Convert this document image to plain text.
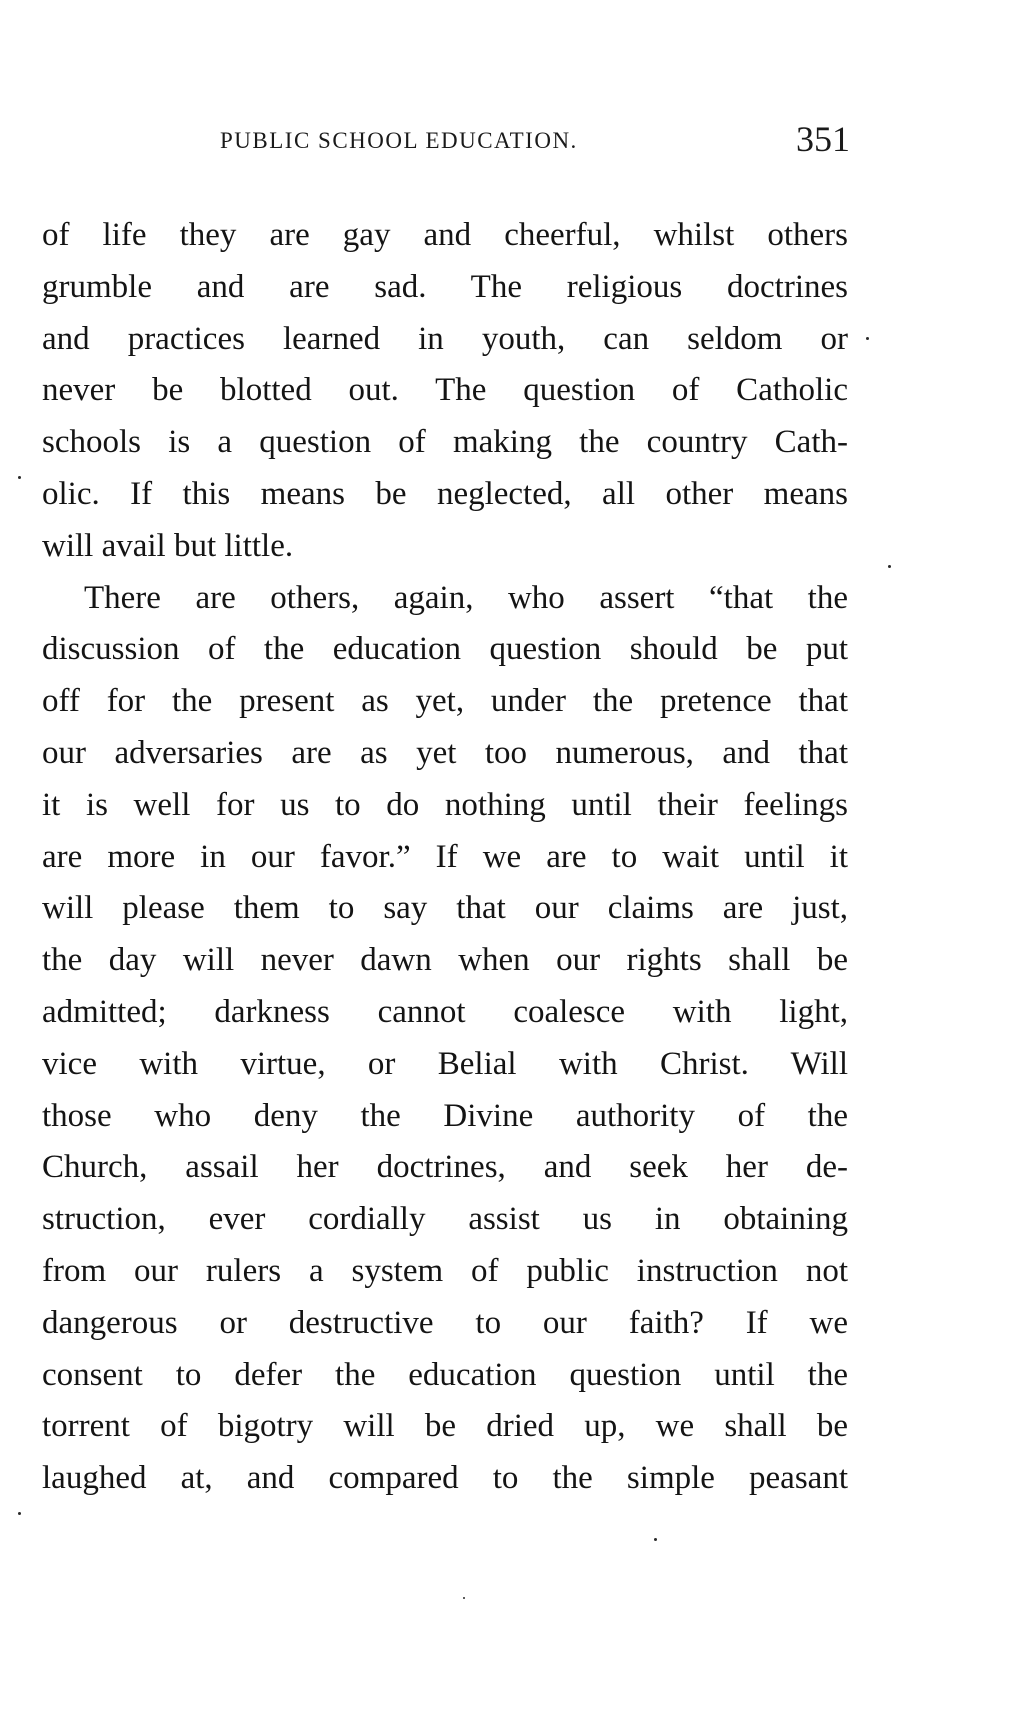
PUBLIC SCHOOL EDUCATION.	351
of life they are gay and cheerful, whilst others
grumble and are sad. The religious doctrines
and practices learned in youth, can seldom or
never be blotted out. The question of Catholic
schools is a question of making the country Cath-
olic. If this means be neglected, all other means
will avail but little.
There are others, again, who assert “that the
discussion of the education question should be put
off for the present as yet, under the pretence that
our adversaries are as yet too numerous, and that
it is well for us to do nothing until their feelings
are more in our favor.” If we are to wait until it
will please them to say that our claims are just,
the day will never dawn when our rights shall be
admitted; darkness cannot coalesce with light,
vice with virtue, or Belial with Christ. Will
those who deny the Divine authority of the
Church, assail her doctrines, and seek her de-
struction, ever cordially assist us in obtaining
from our rulers a system of public instruction not
dangerous or destructive to our faith? If we
consent to defer the education question until the
torrent of bigotry will be dried up, we shall be
laughed at, and compared to the simple peasant
